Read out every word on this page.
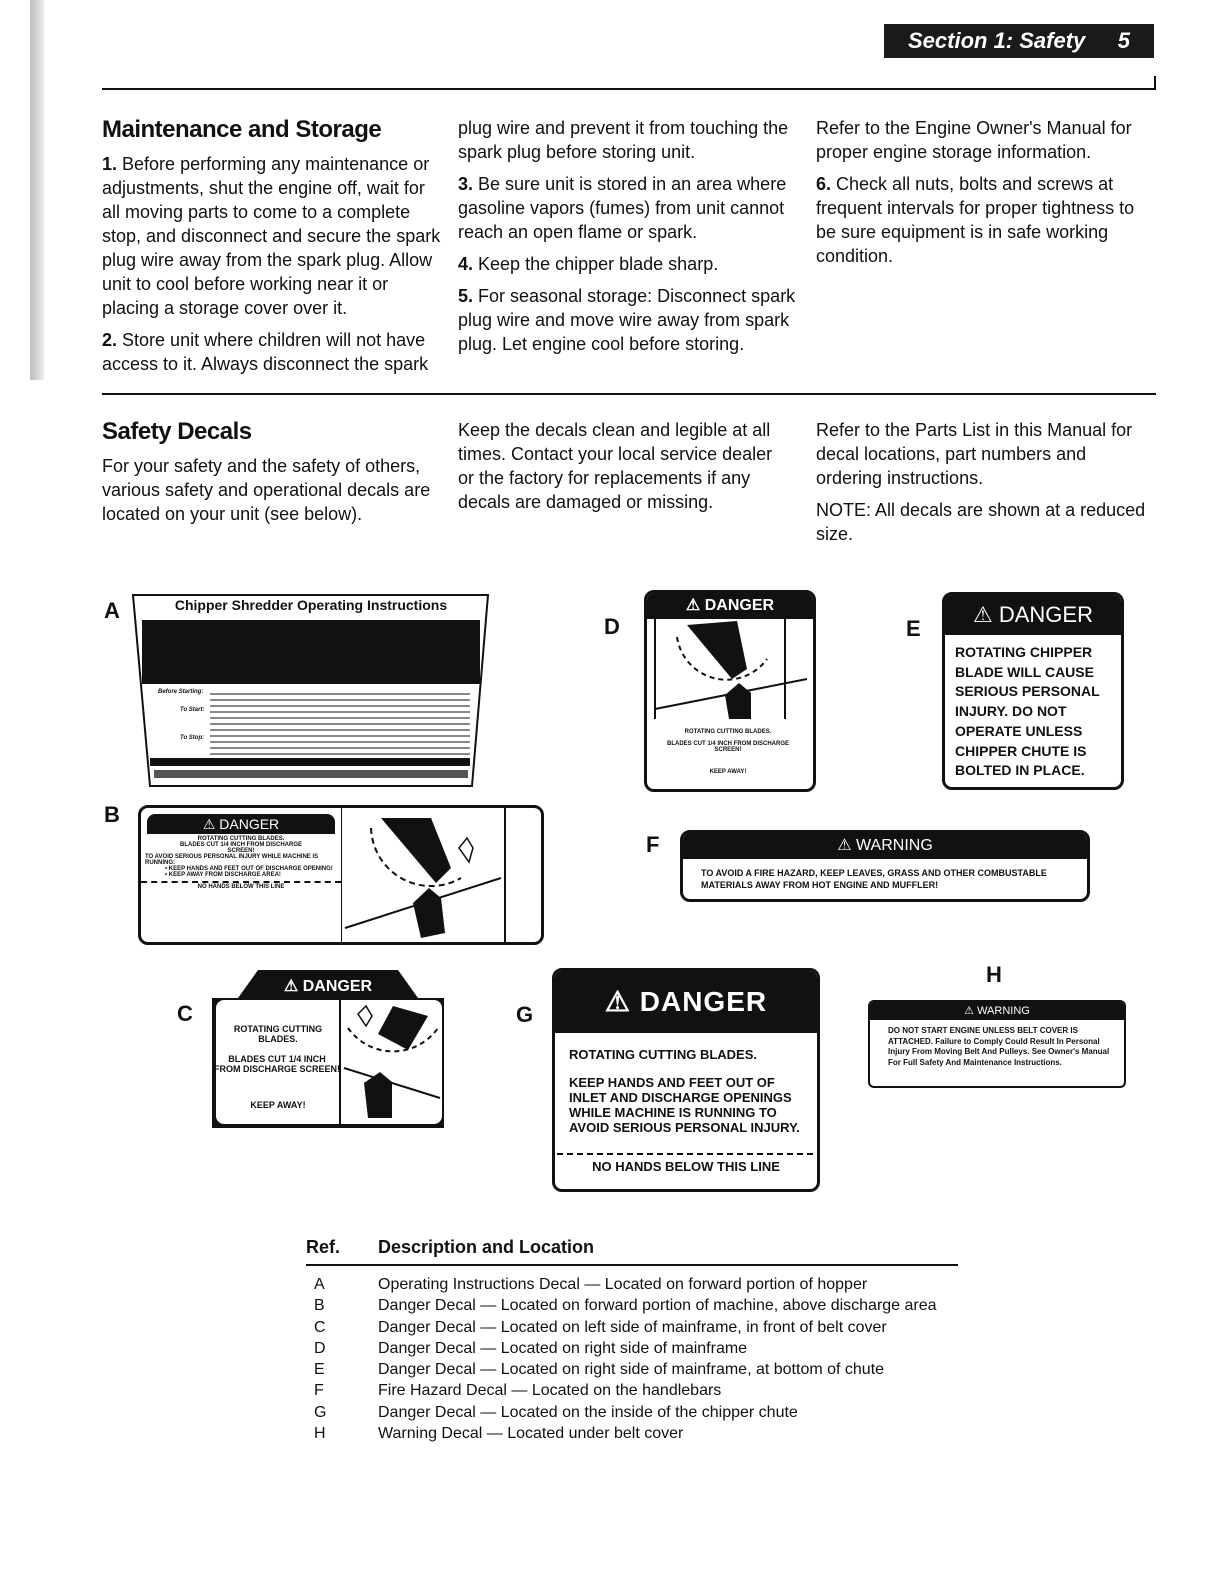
Section 1: Safety 5
Maintenance and Storage

1. Before performing any maintenance or adjustments, shut the engine off, wait for all moving parts to come to a complete stop, and disconnect and secure the spark plug wire away from the spark plug. Allow unit to cool before working near it or placing a storage cover over it.

2. Store unit where children will not have access to it. Always disconnect the spark

plug wire and prevent it from touching the spark plug before storing unit.

3. Be sure unit is stored in an area where gasoline vapors (fumes) from unit cannot reach an open flame or spark.

4. Keep the chipper blade sharp.

5. For seasonal storage: Disconnect spark plug wire and move wire away from spark plug. Let engine cool before storing.

Refer to the Engine Owner's Manual for proper engine storage information.

6. Check all nuts, bolts and screws at frequent intervals for proper tightness to be sure equipment is in safe working condition.

Safety Decals

For your safety and the safety of others, various safety and operational decals are located on your unit (see below).

Keep the decals clean and legible at all times. Contact your local service dealer or the factory for replacements if any decals are damaged or missing.

Refer to the Parts List in this Manual for decal locations, part numbers and ordering instructions.

NOTE: All decals are shown at a reduced size.

A	Chipper Shredder Operating Instructions
Before Starting:
To Start:
To Stop:
B	⚠ DANGER
ROTATING CUTTING BLADES.
BLADES CUT 1/4 INCH FROM DISCHARGE SCREEN!
TO AVOID SERIOUS PERSONAL INJURY WHILE MACHINE IS RUNNING:
• KEEP HANDS AND FEET OUT OF DISCHARGE OPENING!
• KEEP AWAY FROM DISCHARGE AREA!
NO HANDS BELOW THIS LINE
C
⚠ DANGER
ROTATING CUTTING BLADES.
BLADES CUT 1/4 INCH FROM DISCHARGE SCREEN!
KEEP AWAY!
D
⚠ DANGER
ROTATING CUTTING BLADES.
BLADES CUT 1/4 INCH FROM DISCHARGE SCREEN!
KEEP AWAY!
E
⚠ DANGER
ROTATING CHIPPER BLADE WILL CAUSE SERIOUS PERSONAL INJURY. DO NOT OPERATE UNLESS CHIPPER CHUTE IS BOLTED IN PLACE.
F	⚠ WARNING
TO AVOID A FIRE HAZARD, KEEP LEAVES, GRASS AND OTHER COMBUSTABLE MATERIALS AWAY FROM HOT ENGINE AND MUFFLER!
G	⚠ DANGER
ROTATING CUTTING BLADES.
KEEP HANDS AND FEET OUT OF INLET AND DISCHARGE OPENINGS WHILE MACHINE IS RUNNING TO AVOID SERIOUS PERSONAL INJURY.
NO HANDS BELOW THIS LINE
H
⚠ WARNING
DO NOT START ENGINE UNLESS BELT COVER IS ATTACHED. Failure to Comply Could Result In Personal Injury From Moving Belt And Pulleys. See Owner's Manual For Full Safety And Maintenance Instructions.
Ref. Description and Location
A	Operating Instructions Decal — Located on forward portion of hopper
B	Danger Decal — Located on forward portion of machine, above discharge area
C	Danger Decal — Located on left side of mainframe, in front of belt cover
D	Danger Decal — Located on right side of mainframe
E	Danger Decal — Located on right side of mainframe, at bottom of chute
F	Fire Hazard Decal — Located on the handlebars
G	Danger Decal — Located on the inside of the chipper chute
H	Warning Decal — Located under belt cover
